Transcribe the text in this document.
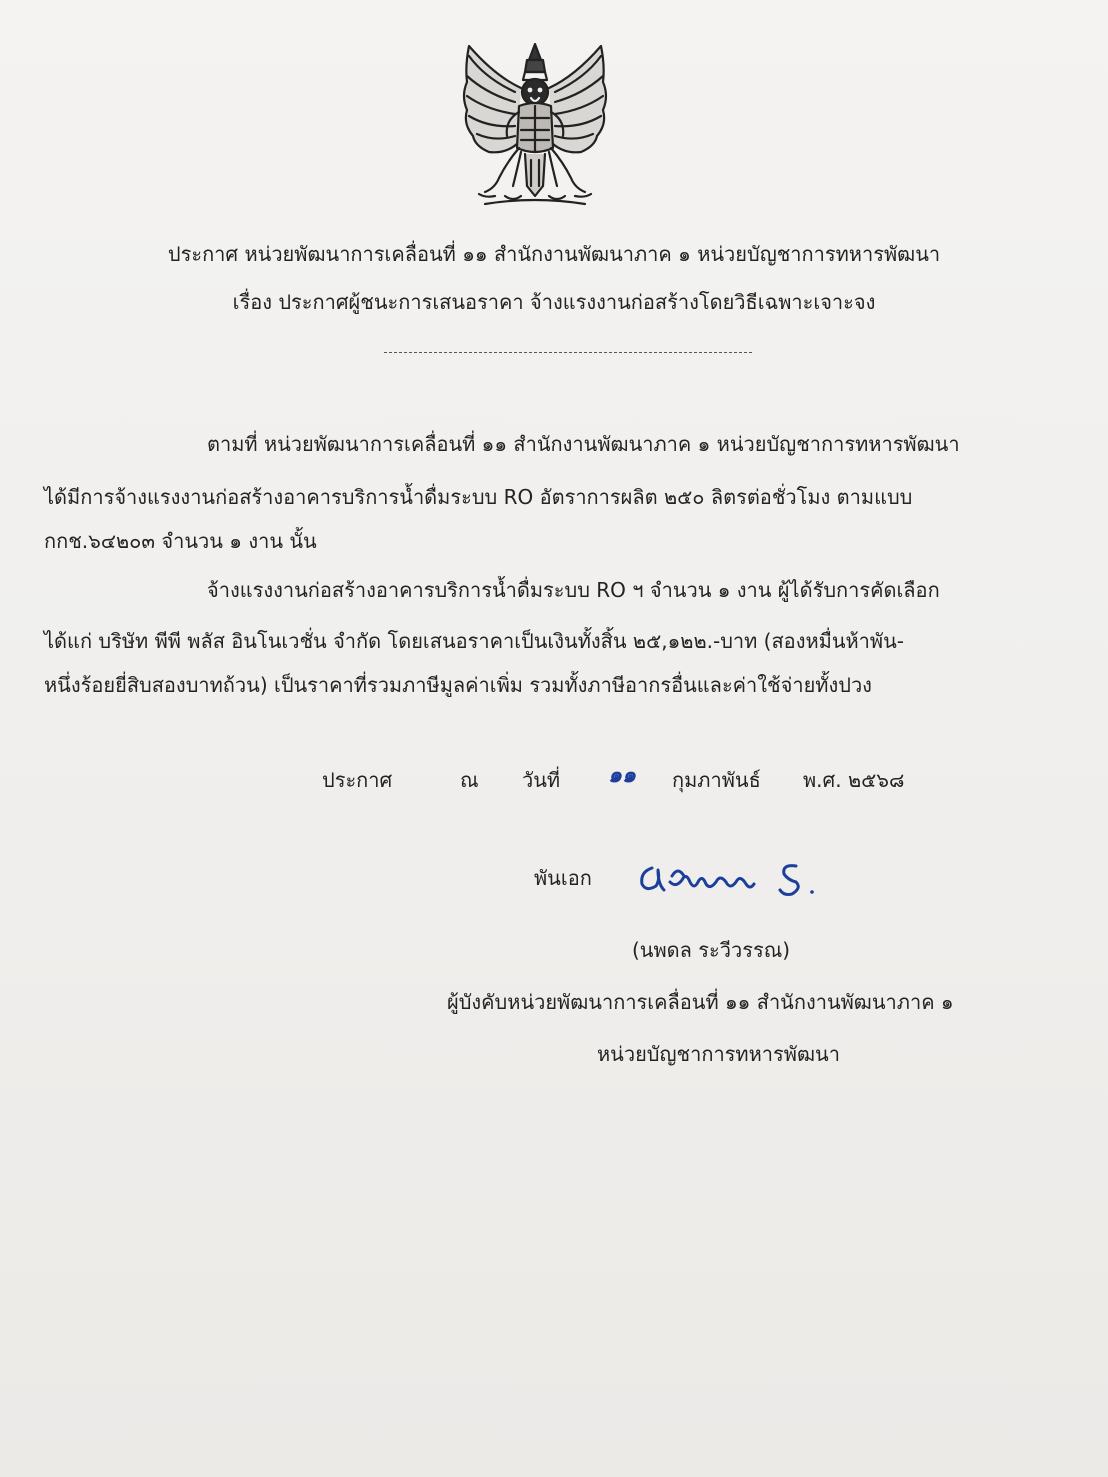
ประกาศ หน่วยพัฒนาการเคลื่อนที่ ๑๑ สำนักงานพัฒนาภาค ๑ หน่วยบัญชาการทหารพัฒนา
เรื่อง ประกาศผู้ชนะการเสนอราคา จ้างแรงงานก่อสร้างโดยวิธีเฉพาะเจาะจง
ตามที่ หน่วยพัฒนาการเคลื่อนที่ ๑๑ สำนักงานพัฒนาภาค ๑ หน่วยบัญชาการทหารพัฒนา
ได้มีการจ้างแรงงานก่อสร้างอาคารบริการน้ำดื่มระบบ RO อัตราการผลิต ๒๕๐ ลิตรต่อชั่วโมง ตามแบบ
กกช.๖๔๒๐๓ จำนวน ๑ งาน นั้น
จ้างแรงงานก่อสร้างอาคารบริการน้ำดื่มระบบ RO ฯ จำนวน ๑ งาน ผู้ได้รับการคัดเลือก
ได้แก่ บริษัท พีพี พลัส อินโนเวชั่น จำกัด โดยเสนอราคาเป็นเงินทั้งสิ้น ๒๕,๑๒๒.-บาท (สองหมื่นห้าพัน-
หนึ่งร้อยยี่สิบสองบาทถ้วน) เป็นราคาที่รวมภาษีมูลค่าเพิ่ม รวมทั้งภาษีอากรอื่นและค่าใช้จ่ายทั้งปวง
ประกาศ	ณ วันที่ ๑๑ กุมภาพันธ์ พ.ศ. ๒๕๖๘
พันเอก
(นพดล ระวีวรรณ)
ผู้บังคับหน่วยพัฒนาการเคลื่อนที่ ๑๑ สำนักงานพัฒนาภาค ๑
หน่วยบัญชาการทหารพัฒนา
